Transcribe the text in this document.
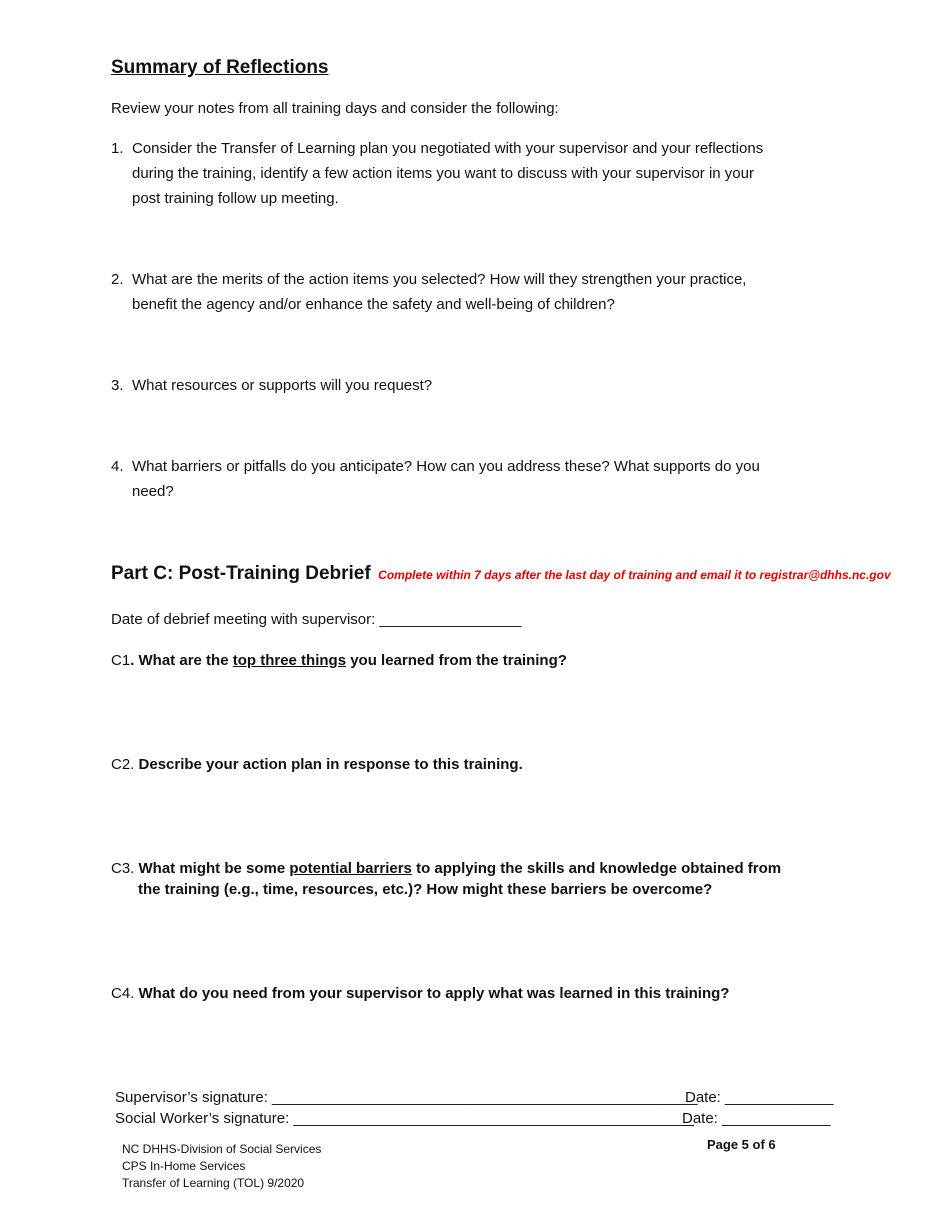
Summary of Reflections
Review your notes from all training days and consider the following:
1. Consider the Transfer of Learning plan you negotiated with your supervisor and your reflections
during the training, identify a few action items you want to discuss with your supervisor in your
post training follow up meeting.
2. What are the merits of the action items you selected? How will they strengthen your practice,
benefit the agency and/or enhance the safety and well-being of children?
3. What resources or supports will you request?
4. What barriers or pitfalls do you anticipate? How can you address these? What supports do you
need?
Part C: Post-Training Debrief Complete within 7 days after the last day of training and email it to registrar@dhhs.nc.gov
Date of debrief meeting with supervisor: _________________
C1. What are the top three things you learned from the training?
C2. Describe your action plan in response to this training.
C3. What might be some potential barriers to applying the skills and knowledge obtained from
the training (e.g., time, resources, etc.)? How might these barriers be overcome?
C4. What do you need from your supervisor to apply what was learned in this training?
Supervisor’s signature: ___________________________________________________
Date: _____________
Social Worker’s signature: ________________________________________________
Date: _____________
NC DHHS-Division of Social Services
CPS In-Home Services
Transfer of Learning (TOL) 9/2020
Page 5 of 6
